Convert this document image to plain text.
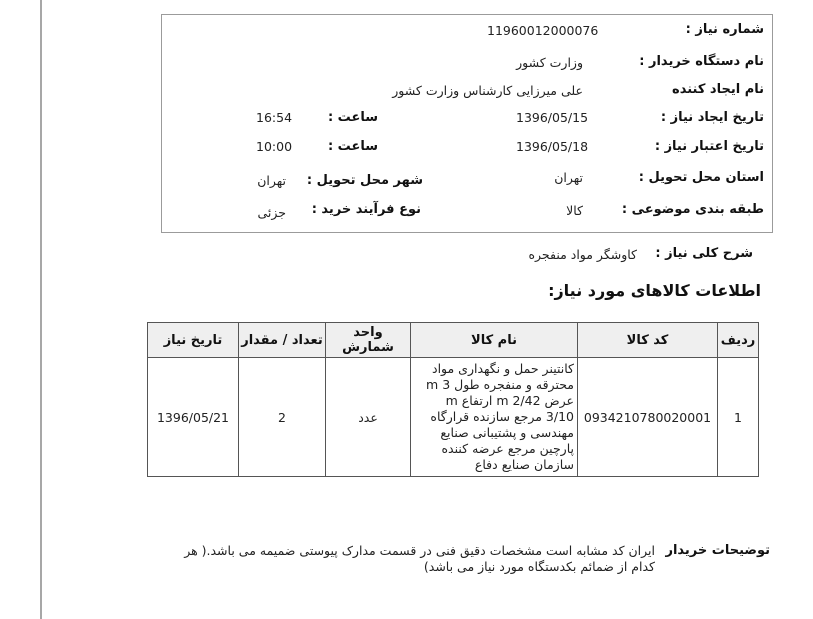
شماره نیاز :
11960012000076
نام دستگاه خریدار :
وزارت کشور
نام ایجاد کننده
علی میرزایی کارشناس وزارت کشور
تاریخ ایجاد نیاز :
1396/05/15
ساعت :
16:54
تاریخ اعتبار نیاز :
1396/05/18
ساعت :
10:00
استان محل تحویل :
تهران
شهر محل تحویل :
تهران
طبقه بندی موضوعی :
کالا
نوع فرآیند خرید :
جزئی
شرح کلی نیاز :
کاوشگر مواد منفجره
اطلاعات کالاهای مورد نیاز:
ردیف	کد کالا	نام کالا	واحد شمارش	تعداد / مقدار	تاریخ نیاز
1	0934210780020001	کانتینر حمل و نگهداری مواد محترقه و منفجره طول m 3 عرض m 2/42 ارتفاع m 3/10 مرجع سازنده قرارگاه مهندسی و پشتیبانی صنایع پارچین مرجع عرضه کننده سازمان صنایع دفاع	عدد	2	1396/05/21
توضیحات خریدار
ایران کد مشابه است مشخصات دقیق فنی در قسمت مدارک پیوستی ضمیمه می باشد.( هر کدام از ضمائم بکدستگاه مورد نیاز می باشد)
